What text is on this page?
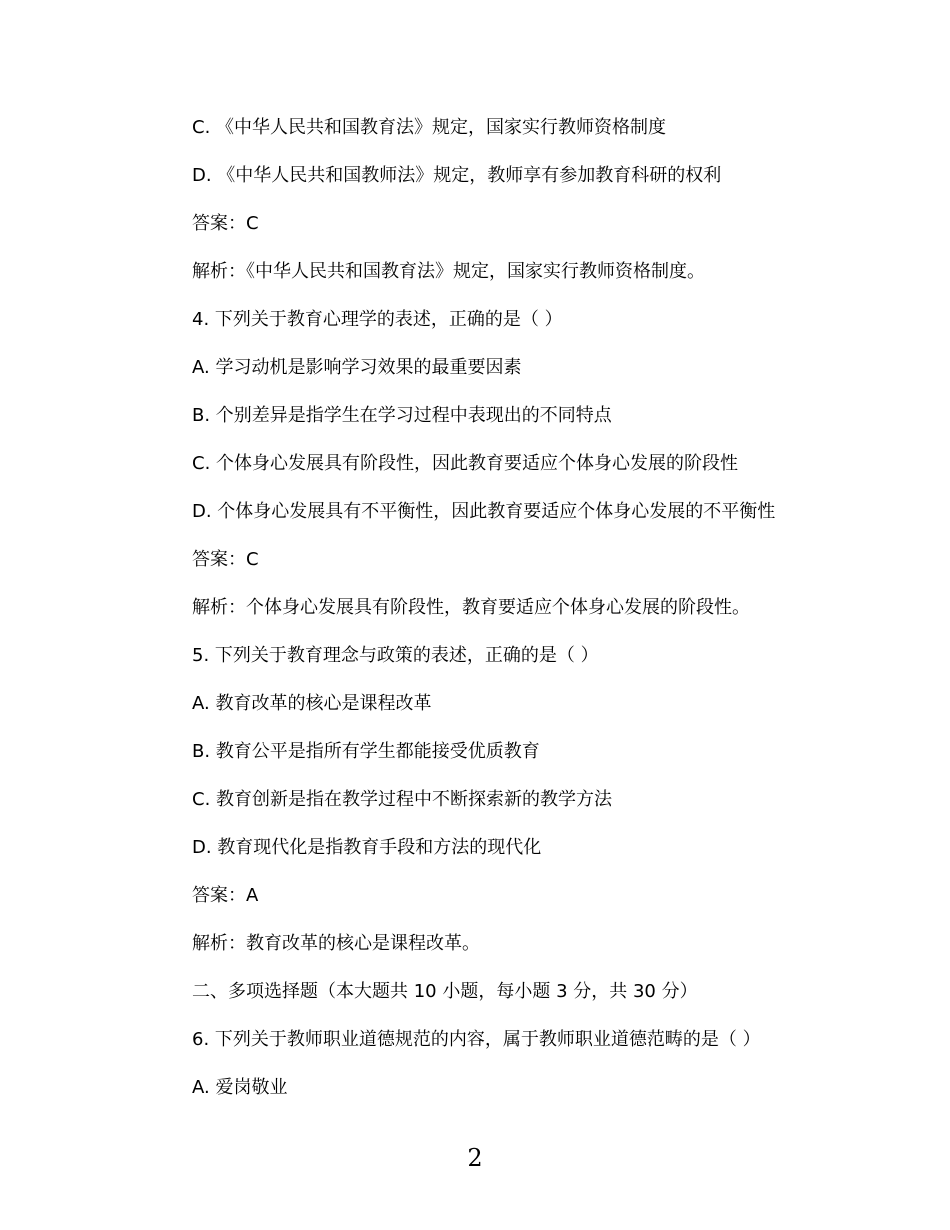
C. 《中华人民共和国教育法》规定，国家实行教师资格制度
D. 《中华人民共和国教师法》规定，教师享有参加教育科研的权利
答案：C
解析：《中华人民共和国教育法》规定，国家实行教师资格制度。
4. 下列关于教育心理学的表述，正确的是（ ）
A. 学习动机是影响学习效果的最重要因素
B. 个别差异是指学生在学习过程中表现出的不同特点
C. 个体身心发展具有阶段性，因此教育要适应个体身心发展的阶段性
D. 个体身心发展具有不平衡性，因此教育要适应个体身心发展的不平衡性
答案：C
解析：个体身心发展具有阶段性，教育要适应个体身心发展的阶段性。
5. 下列关于教育理念与政策的表述，正确的是（ ）
A. 教育改革的核心是课程改革
B. 教育公平是指所有学生都能接受优质教育
C. 教育创新是指在教学过程中不断探索新的教学方法
D. 教育现代化是指教育手段和方法的现代化
答案：A
解析：教育改革的核心是课程改革。
二、多项选择题（本大题共 10 小题，每小题 3 分，共 30 分）
6. 下列关于教师职业道德规范的内容，属于教师职业道德范畴的是（ ）
A. 爱岗敬业
2
